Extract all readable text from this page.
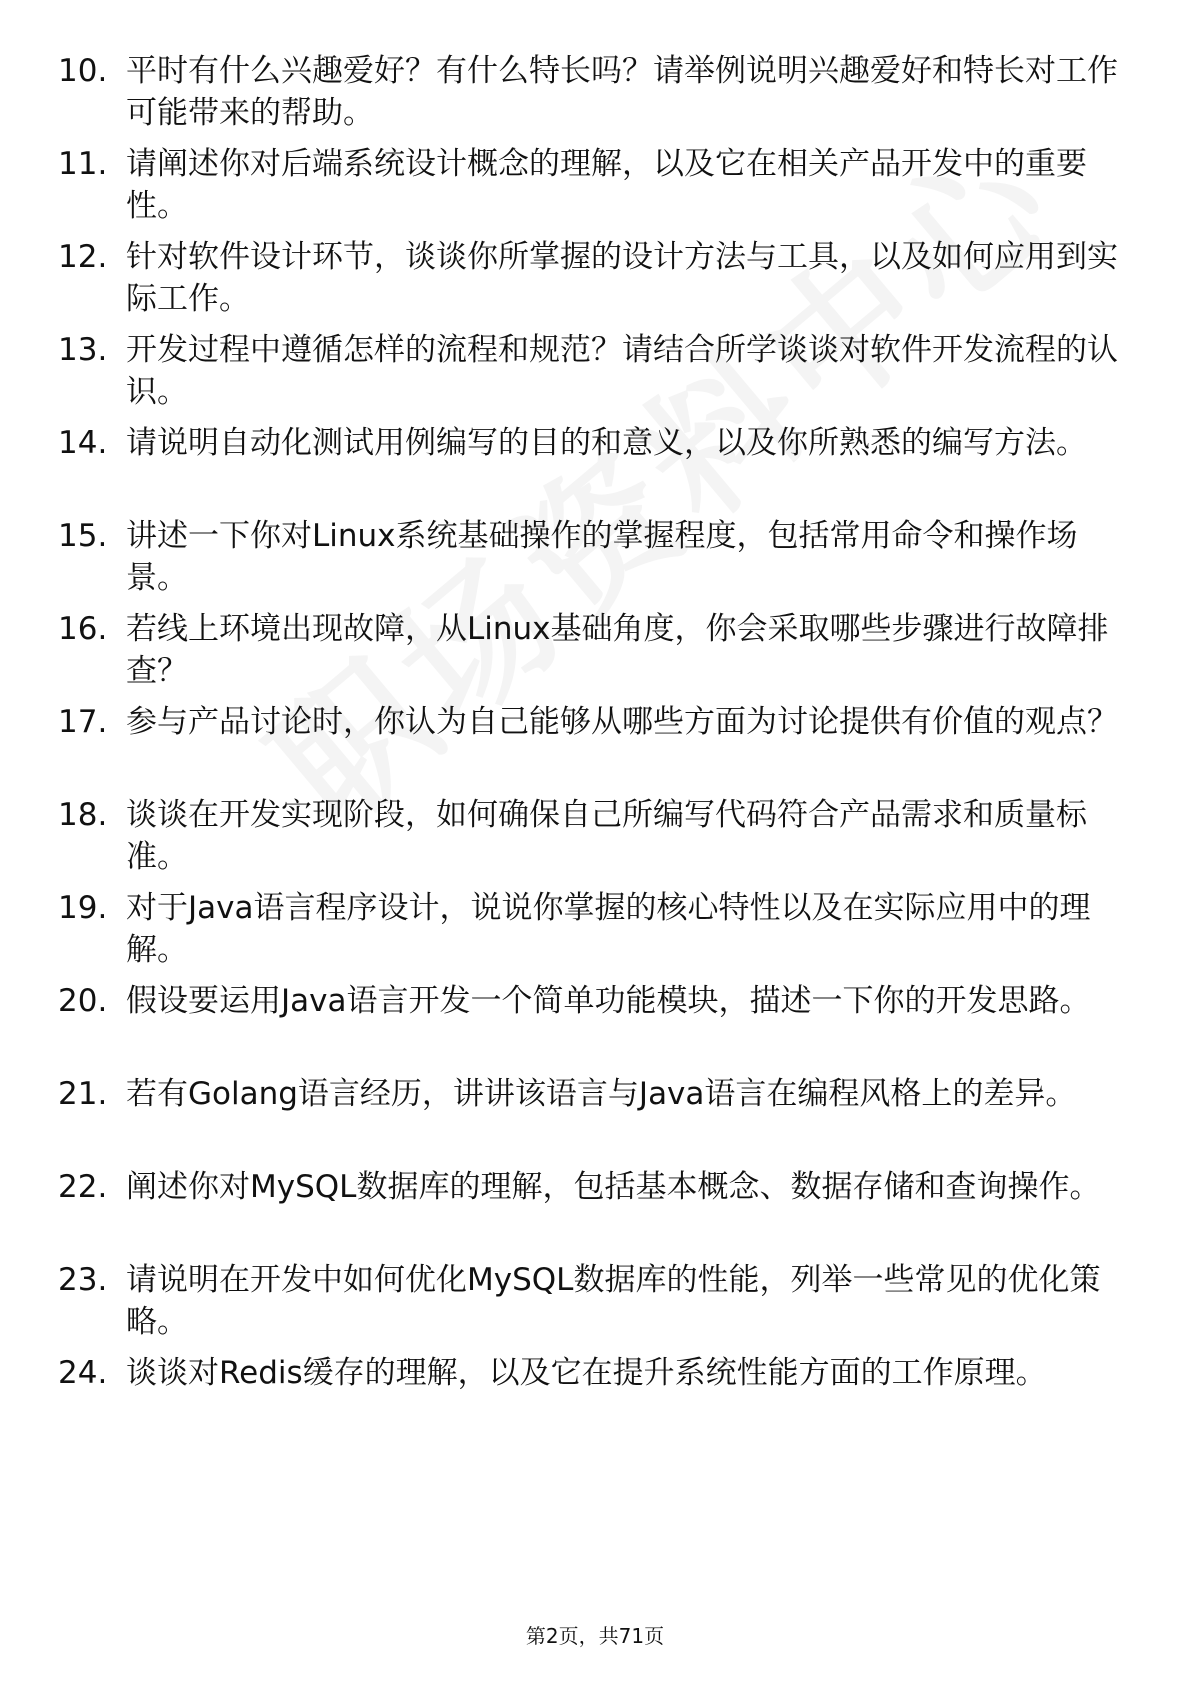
10. 平时有什么兴趣爱好？有什么特长吗？请举例说明兴趣爱好和特长对工作可能带来的帮助。
11. 请阐述你对后端系统设计概念的理解，以及它在相关产品开发中的重要性。
12. 针对软件设计环节，谈谈你所掌握的设计方法与工具，以及如何应用到实际工作。
13. 开发过程中遵循怎样的流程和规范？请结合所学谈谈对软件开发流程的认识。
14. 请说明自动化测试用例编写的目的和意义，以及你所熟悉的编写方法。
15. 讲述一下你对Linux系统基础操作的掌握程度，包括常用命令和操作场景。
16. 若线上环境出现故障，从Linux基础角度，你会采取哪些步骤进行故障排查？
17. 参与产品讨论时，你认为自己能够从哪些方面为讨论提供有价值的观点？
18. 谈谈在开发实现阶段，如何确保自己所编写代码符合产品需求和质量标准。
19. 对于Java语言程序设计，说说你掌握的核心特性以及在实际应用中的理解。
20. 假设要运用Java语言开发一个简单功能模块，描述一下你的开发思路。
21. 若有Golang语言经历，讲讲该语言与Java语言在编程风格上的差异。
22. 阐述你对MySQL数据库的理解，包括基本概念、数据存储和查询操作。
23. 请说明在开发中如何优化MySQL数据库的性能，列举一些常见的优化策略。
24. 谈谈对Redis缓存的理解，以及它在提升系统性能方面的工作原理。
第2页，共71页
